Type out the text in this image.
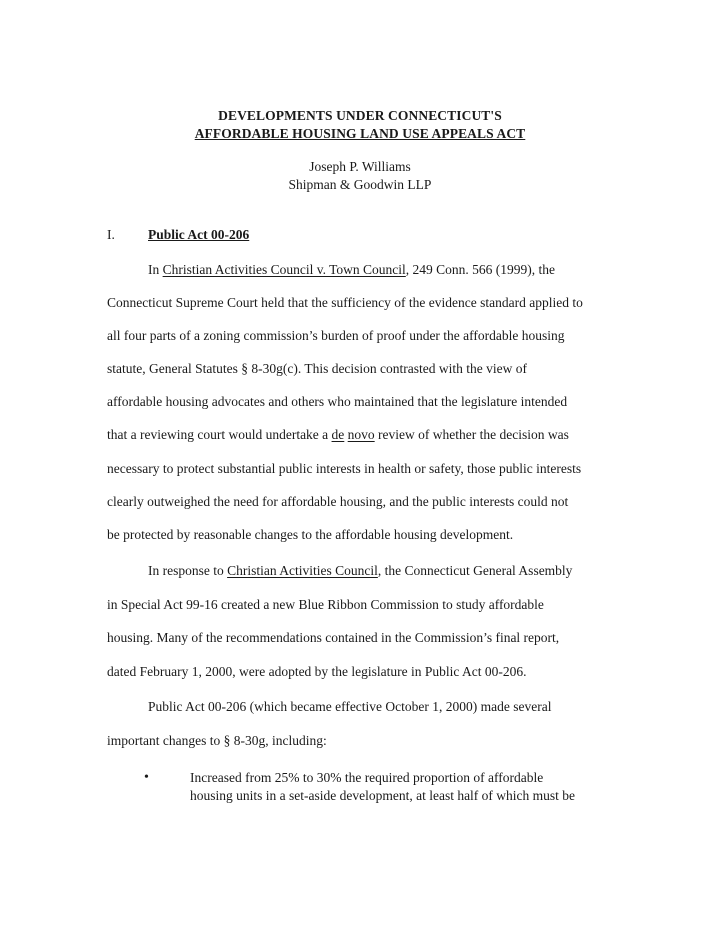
DEVELOPMENTS UNDER CONNECTICUT'S
AFFORDABLE HOUSING LAND USE APPEALS ACT
Joseph P. Williams
Shipman & Goodwin LLP
I. Public Act 00-206
In Christian Activities Council v. Town Council, 249 Conn. 566 (1999), the
Connecticut Supreme Court held that the sufficiency of the evidence standard applied to
all four parts of a zoning commission’s burden of proof under the affordable housing
statute, General Statutes § 8-30g(c). This decision contrasted with the view of
affordable housing advocates and others who maintained that the legislature intended
that a reviewing court would undertake a de novo review of whether the decision was
necessary to protect substantial public interests in health or safety, those public interests
clearly outweighed the need for affordable housing, and the public interests could not
be protected by reasonable changes to the affordable housing development.
In response to Christian Activities Council, the Connecticut General Assembly
in Special Act 99-16 created a new Blue Ribbon Commission to study affordable
housing. Many of the recommendations contained in the Commission’s final report,
dated February 1, 2000, were adopted by the legislature in Public Act 00-206.
Public Act 00-206 (which became effective October 1, 2000) made several
important changes to § 8-30g, including:
•	Increased from 25% to 30% the required proportion of affordable
housing units in a set-aside development, at least half of which must be
